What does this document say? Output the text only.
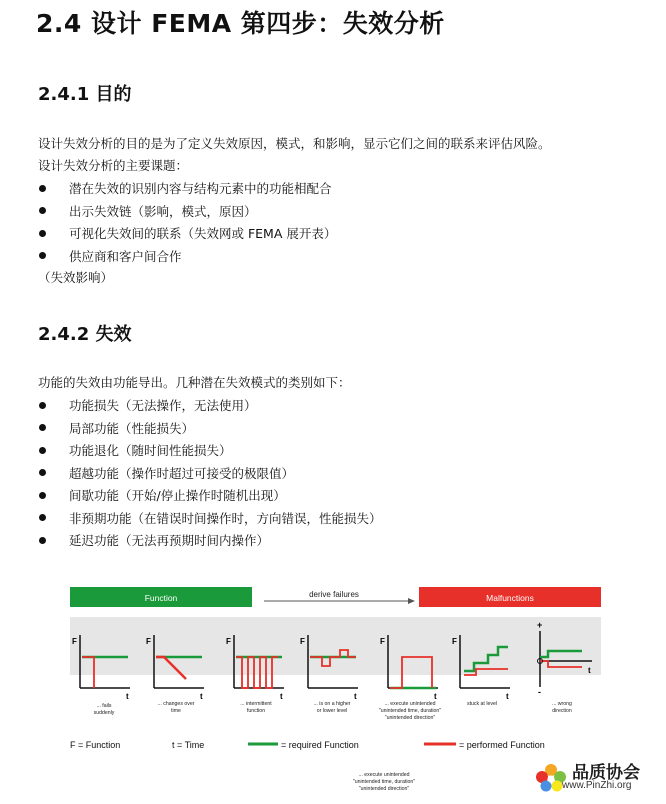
2.4 设计 FEMA 第四步：失效分析
2.4.1 目的
设计失效分析的目的是为了定义失效原因，模式，和影响，显示它们之间的联系来评估风险。
设计失效分析的主要课题：
潜在失效的识别内容与结构元素中的功能相配合
出示失效链（影响，模式，原因）
可视化失效间的联系（失效网或 FEMA 展开表）
供应商和客户间合作
（失效影响）
2.4.2 失效
功能的失效由功能导出。几种潜在失效模式的类别如下：
功能损失（无法操作，无法使用）
局部功能（性能损失）
功能退化（随时间性能损失）
超越功能（操作时超过可接受的极限值）
间歇功能（开始/停止操作时随机出现）
非预期功能（在错误时间操作时，方向错误，性能损失）
延迟功能（无法再预期时间内操作）
Function	derive failures	Malfunctions
F
t
F
t
F
t
F
t
F
t
F
t
+
-
t
... fails
suddenly
... changes over
time
... intermittent
function
... is on a higher
or lower level
... execute unintended
"unintended time, duration"
"unintended direction"
stuck at level	... wrong
direction
F = Function	t = Time	= required Function	= performed Function
... execute unintended
"unintended time, duration"
"unintended direction"
品质协会
www.PinZhi.org
